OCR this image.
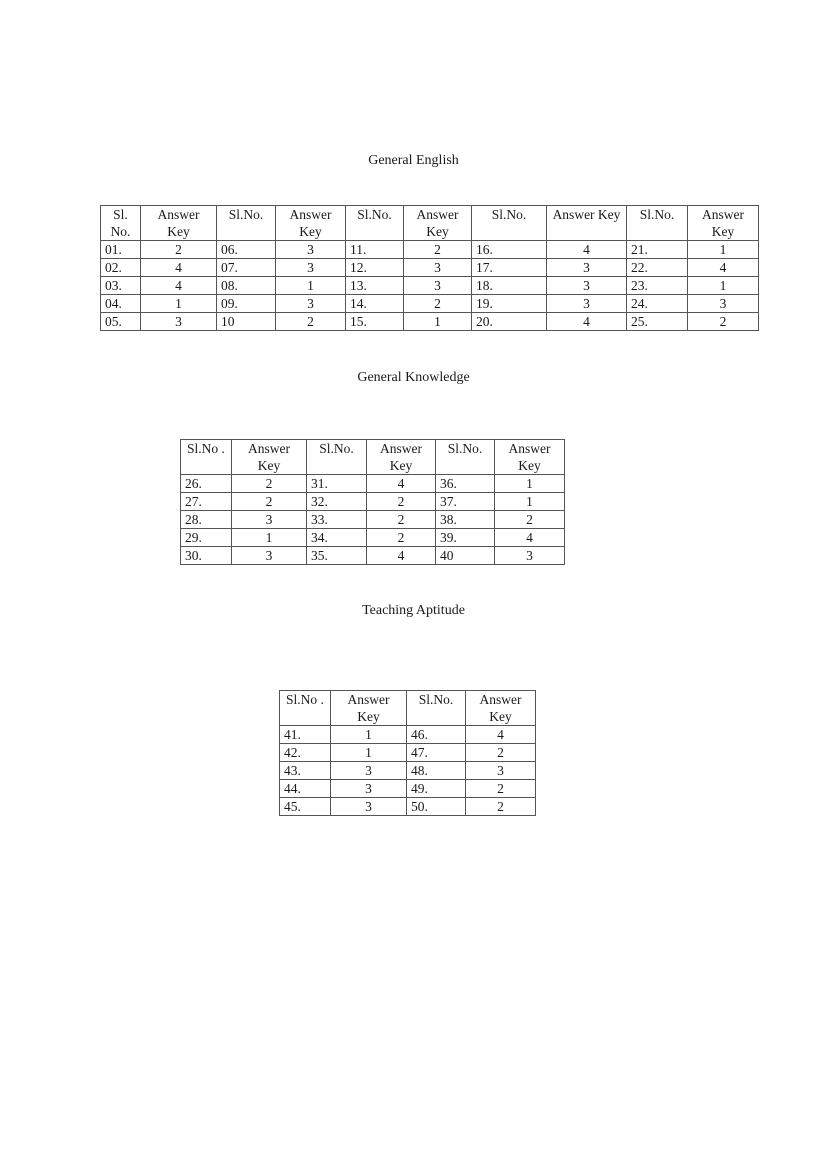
General English
General Knowledge
Teaching Aptitude
Sl. No.	Answer Key	Sl.No.	Answer Key	Sl.No.	Answer Key	Sl.No.	Answer Key	Sl.No.	Answer Key
01.	2	06.	3	11.	2	16.	4	21.	1
02.	4	07.	3	12.	3	17.	3	22.	4
03.	4	08.	1	13.	3	18.	3	23.	1
04.	1	09.	3	14.	2	19.	3	24.	3
05.	3	10	2	15.	1	20.	4	25.	2
Sl.No .	Answer Key	Sl.No.	Answer Key	Sl.No.	Answer Key
26.	2	31.	4	36.	1
27.	2	32.	2	37.	1
28.	3	33.	2	38.	2
29.	1	34.	2	39.	4
30.	3	35.	4	40	3
Sl.No .	Answer Key	Sl.No.	Answer Key
41.	1	46.	4
42.	1	47.	2
43.	3	48.	3
44.	3	49.	2
45.	3	50.	2
